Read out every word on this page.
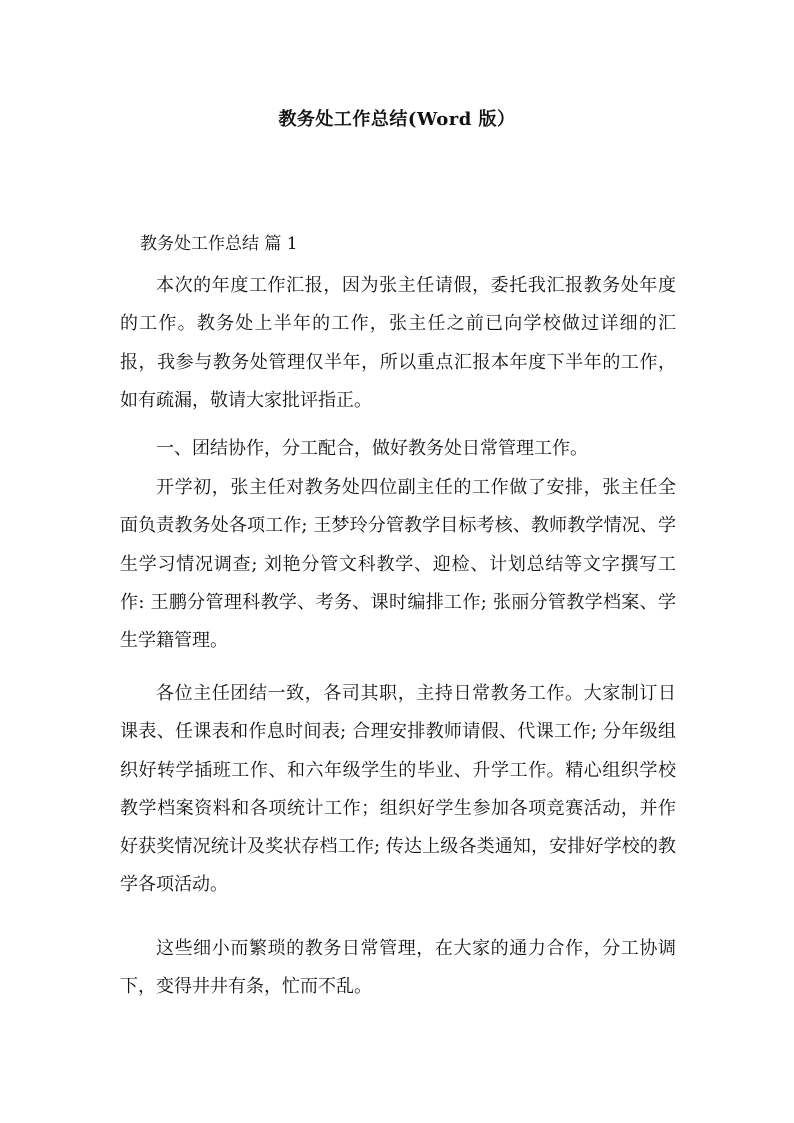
教务处工作总结(Word 版）
教务处工作总结 篇 1

本次的年度工作汇报，因为张主任请假，委托我汇报教务处年度的工作。教务处上半年的工作，张主任之前已向学校做过详细的汇报，我参与教务处管理仅半年，所以重点汇报本年度下半年的工作，如有疏漏，敬请大家批评指正。

一、团结协作，分工配合，做好教务处日常管理工作。

开学初，张主任对教务处四位副主任的工作做了安排，张主任全面负责教务处各项工作; 王梦玲分管教学目标考核、教师教学情况、学生学习情况调查; 刘艳分管文科教学、迎检、计划总结等文字撰写工作: 王鹏分管理科教学、考务、课时编排工作; 张丽分管教学档案、学生学籍管理。

各位主任团结一致，各司其职，主持日常教务工作。大家制订日课表、任课表和作息时间表; 合理安排教师请假、代课工作; 分年级组织好转学插班工作、和六年级学生的毕业、升学工作。精心组织学校教学档案资料和各项统计工作；组织好学生参加各项竞赛活动，并作好获奖情况统计及奖状存档工作; 传达上级各类通知，安排好学校的教学各项活动。

这些细小而繁琐的教务日常管理，在大家的通力合作，分工协调下，变得井井有条，忙而不乱。
